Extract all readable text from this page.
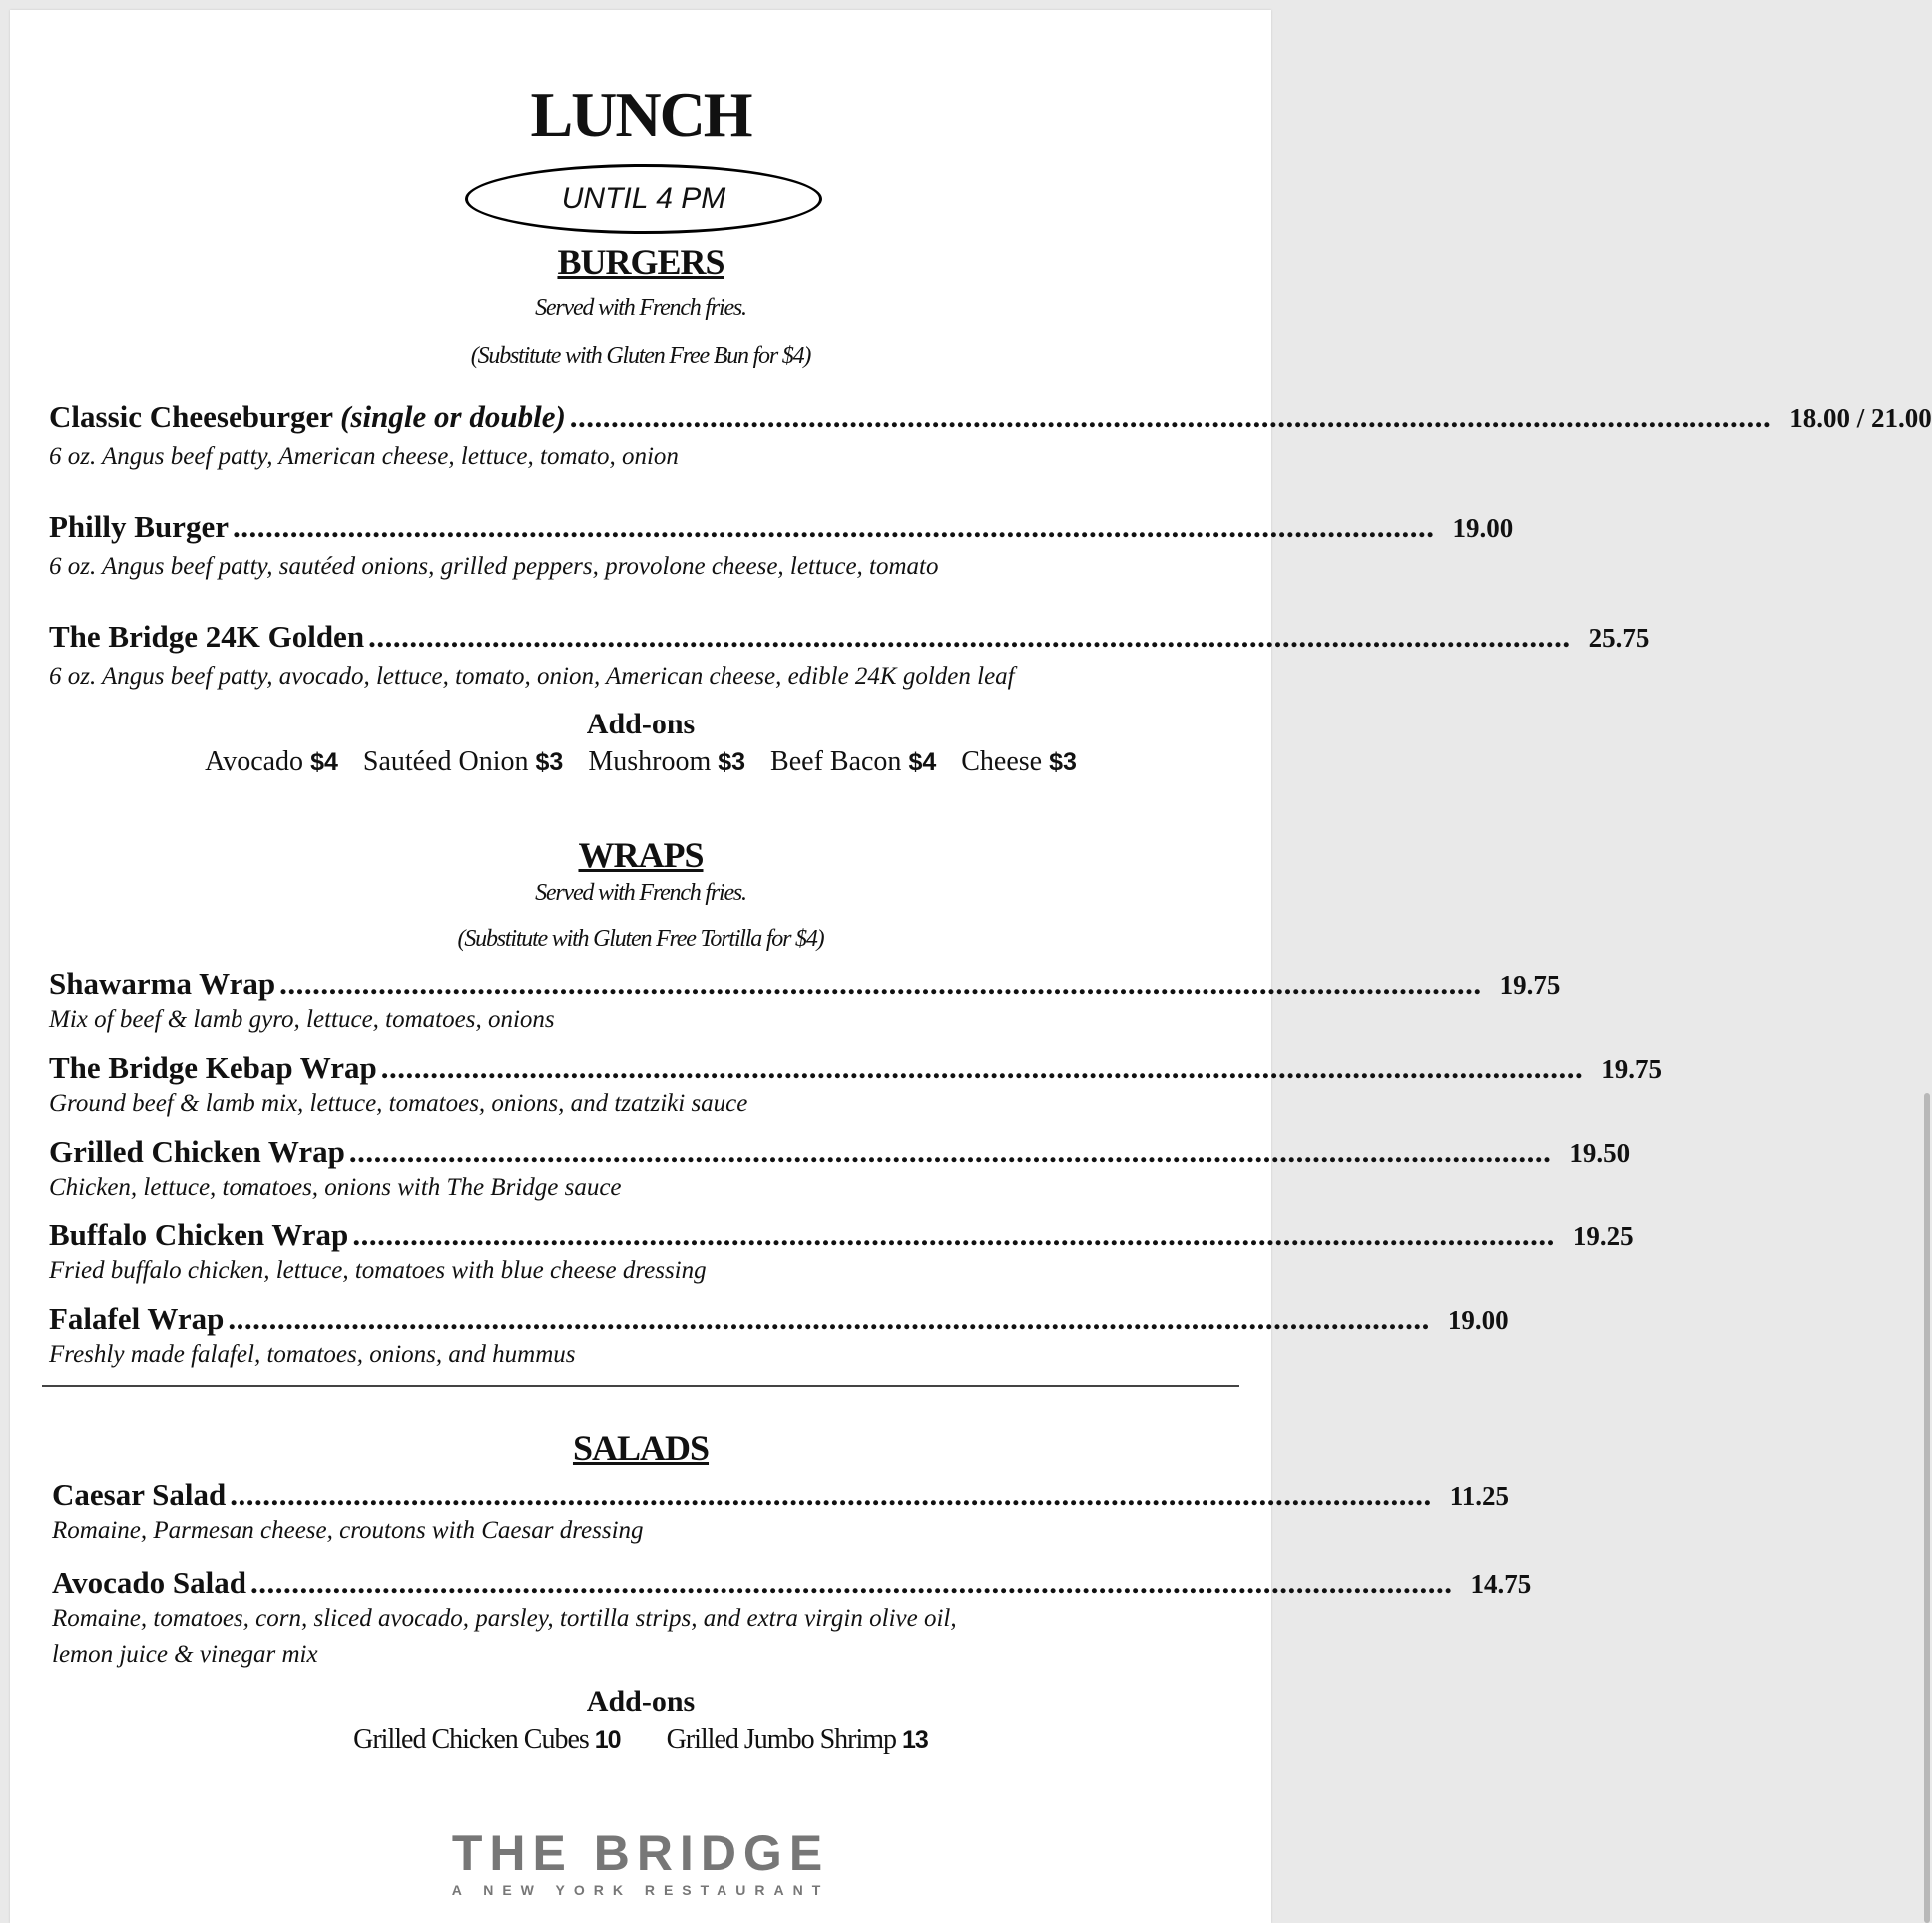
LUNCH
UNTIL 4 PM
BURGERS
Served with French fries.
(Substitute with Gluten Free Bun for $4)
Classic Cheeseburger (single or double) .................................................................................................................................................. 18.00 / 21.00
6 oz. Angus beef patty, American cheese, lettuce, tomato, onion
Philly Burger .................................................................................................................................................. 19.00
6 oz. Angus beef patty, sautéed onions, grilled peppers, provolone cheese, lettuce, tomato
The Bridge 24K Golden .................................................................................................................................................. 25.75
6 oz. Angus beef patty, avocado, lettuce, tomato, onion, American cheese, edible 24K golden leaf
Add-ons
Avocado $4 Sautéed Onion $3 Mushroom $3 Beef Bacon $4 Cheese $3
WRAPS
Served with French fries.
(Substitute with Gluten Free Tortilla for $4)
Shawarma Wrap .................................................................................................................................................. 19.75
Mix of beef & lamb gyro, lettuce, tomatoes, onions
The Bridge Kebap Wrap .................................................................................................................................................. 19.75
Ground beef & lamb mix, lettuce, tomatoes, onions, and tzatziki sauce
Grilled Chicken Wrap .................................................................................................................................................. 19.50
Chicken, lettuce, tomatoes, onions with The Bridge sauce
Buffalo Chicken Wrap .................................................................................................................................................. 19.25
Fried buffalo chicken, lettuce, tomatoes with blue cheese dressing
Falafel Wrap .................................................................................................................................................. 19.00
Freshly made falafel, tomatoes, onions, and hummus
SALADS
Caesar Salad .................................................................................................................................................. 11.25
Romaine, Parmesan cheese, croutons with Caesar dressing
Avocado Salad .................................................................................................................................................. 14.75
Romaine, tomatoes, corn, sliced avocado, parsley, tortilla strips, and extra virgin olive oil,
lemon juice & vinegar mix
Add-ons
Grilled Chicken Cubes 10 Grilled Jumbo Shrimp 13
THE BRIDGE
A NEW YORK RESTAURANT
